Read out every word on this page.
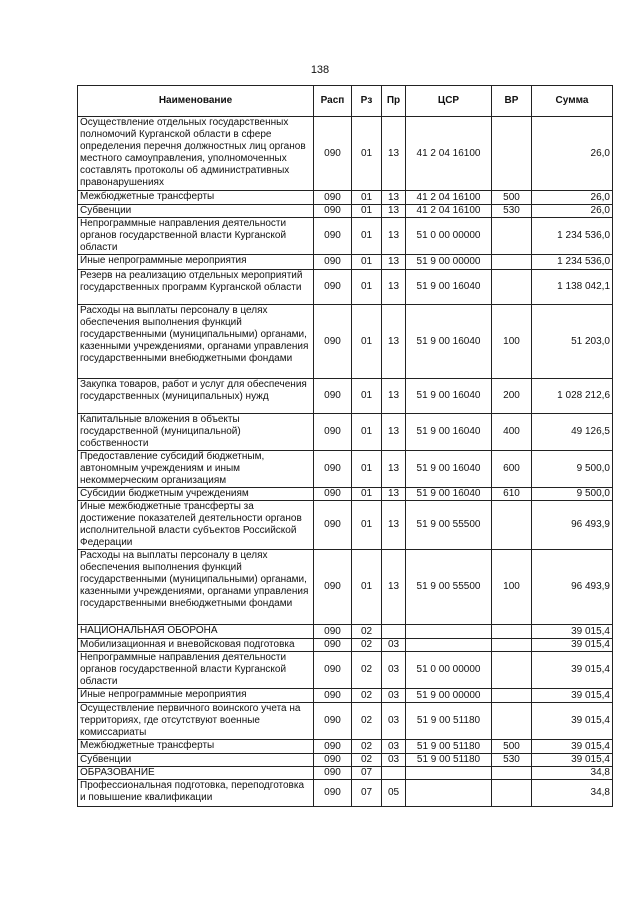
138
Наименование	Расп	Рз	Пр	ЦСР	ВР	Сумма
Осуществление отдельных государственных полномочий Курганской области в сфере определения перечня должностных лиц органов местного самоуправления, уполномоченных составлять протоколы об административных правонарушениях	090	01	13	41 2 04 16100		26,0
Межбюджетные трансферты	090	01	13	41 2 04 16100	500	26,0
Субвенции	090	01	13	41 2 04 16100	530	26,0
Непрограммные направления деятельности органов государственной власти Курганской области	090	01	13	51 0 00 00000		1 234 536,0
Иные непрограммные мероприятия	090	01	13	51 9 00 00000		1 234 536,0
Резерв на реализацию отдельных мероприятий государственных программ Курганской области	090	01	13	51 9 00 16040		1 138 042,1
Расходы на выплаты персоналу в целях обеспечения выполнения функций государственными (муниципальными) органами, казенными учреждениями, органами управления государственными внебюджетными фондами	090	01	13	51 9 00 16040	100	51 203,0
Закупка товаров, работ и услуг для обеспечения государственных (муниципальных) нужд	090	01	13	51 9 00 16040	200	1 028 212,6
Капитальные вложения в объекты государственной (муниципальной) собственности	090	01	13	51 9 00 16040	400	49 126,5
Предоставление субсидий бюджетным, автономным учреждениям и иным некоммерческим организациям	090	01	13	51 9 00 16040	600	9 500,0
Субсидии бюджетным учреждениям	090	01	13	51 9 00 16040	610	9 500,0
Иные межбюджетные трансферты за достижение показателей деятельности органов исполнительной власти субъектов Российской Федерации	090	01	13	51 9 00 55500		96 493,9
Расходы на выплаты персоналу в целях обеспечения выполнения функций государственными (муниципальными) органами, казенными учреждениями, органами управления государственными внебюджетными фондами	090	01	13	51 9 00 55500	100	96 493,9
НАЦИОНАЛЬНАЯ ОБОРОНА	090	02				39 015,4
Мобилизационная и вневойсковая подготовка	090	02	03			39 015,4
Непрограммные направления деятельности органов государственной власти Курганской области	090	02	03	51 0 00 00000		39 015,4
Иные непрограммные мероприятия	090	02	03	51 9 00 00000		39 015,4
Осуществление первичного воинского учета на территориях, где отсутствуют военные комиссариаты	090	02	03	51 9 00 51180		39 015,4
Межбюджетные трансферты	090	02	03	51 9 00 51180	500	39 015,4
Субвенции	090	02	03	51 9 00 51180	530	39 015,4
ОБРАЗОВАНИЕ	090	07				34,8
Профессиональная подготовка, переподготовка и повышение квалификации	090	07	05			34,8
